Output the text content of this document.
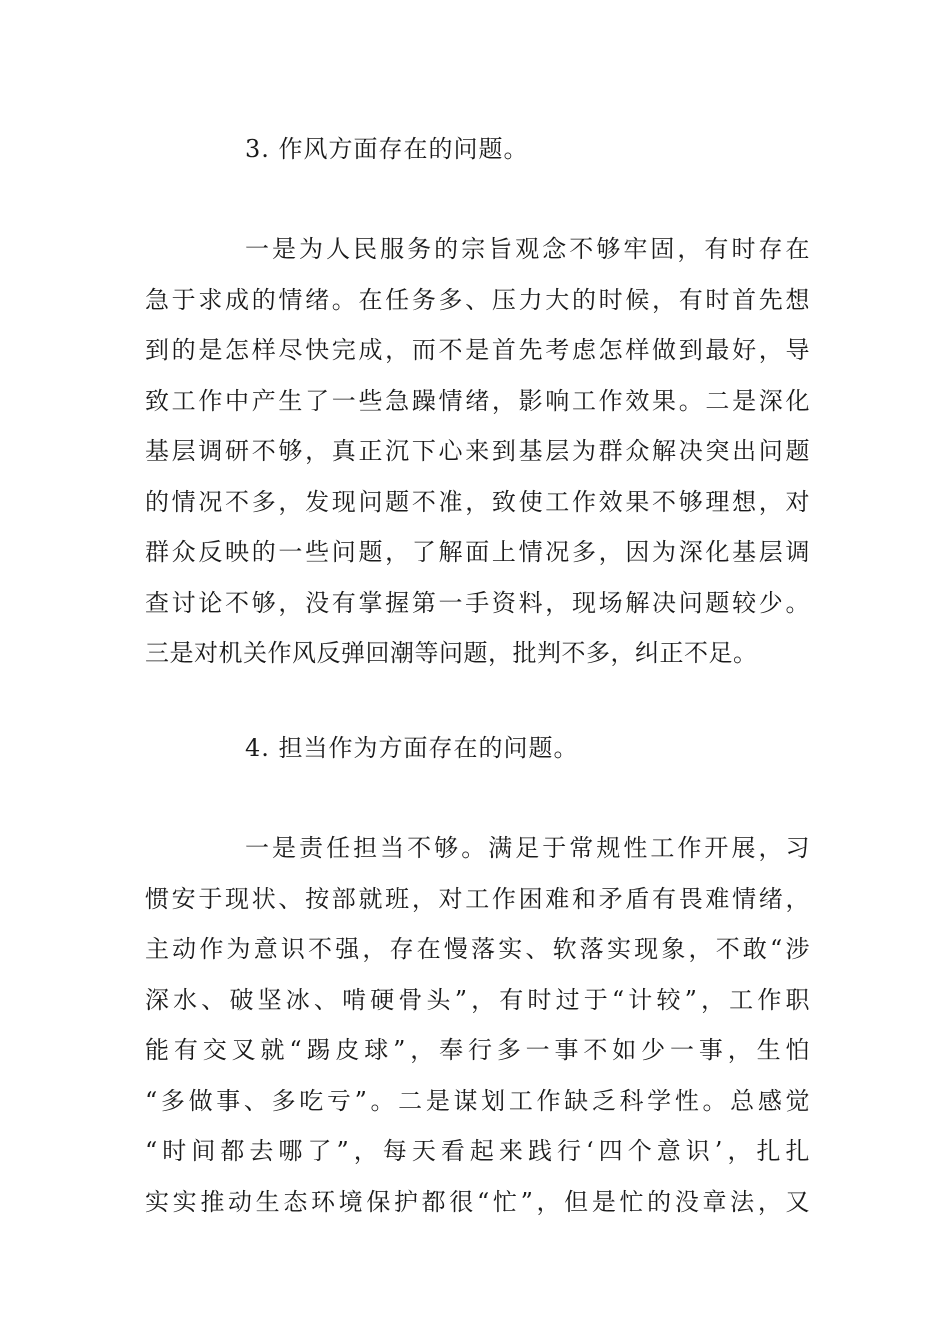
3. 作风方面存在的问题。
一是为人民服务的宗旨观念不够牢固，有时存在
急于求成的情绪。在任务多、压力大的时候，有时首先想
到的是怎样尽快完成，而不是首先考虑怎样做到最好，导
致工作中产生了一些急躁情绪，影响工作效果。二是深化
基层调研不够，真正沉下心来到基层为群众解决突出问题
的情况不多，发现问题不准，致使工作效果不够理想，对
群众反映的一些问题，了解面上情况多，因为深化基层调
查讨论不够，没有掌握第一手资料，现场解决问题较少。
三是对机关作风反弹回潮等问题，批判不多，纠正不足。
4. 担当作为方面存在的问题。
一是责任担当不够。满足于常规性工作开展，习
惯安于现状、按部就班，对工作困难和矛盾有畏难情绪，
主动作为意识不强，存在慢落实、软落实现象，不敢“涉
深水、破坚冰、啃硬骨头”，有时过于“计较”，工作职
能有交叉就“踢皮球”，奉行多一事不如少一事，生怕
“多做事、多吃亏”。二是谋划工作缺乏科学性。总感觉
“时间都去哪了”，每天看起来践行‘四个意识’，扎扎
实实推动生态环境保护都很“忙”，但是忙的没章法，又
